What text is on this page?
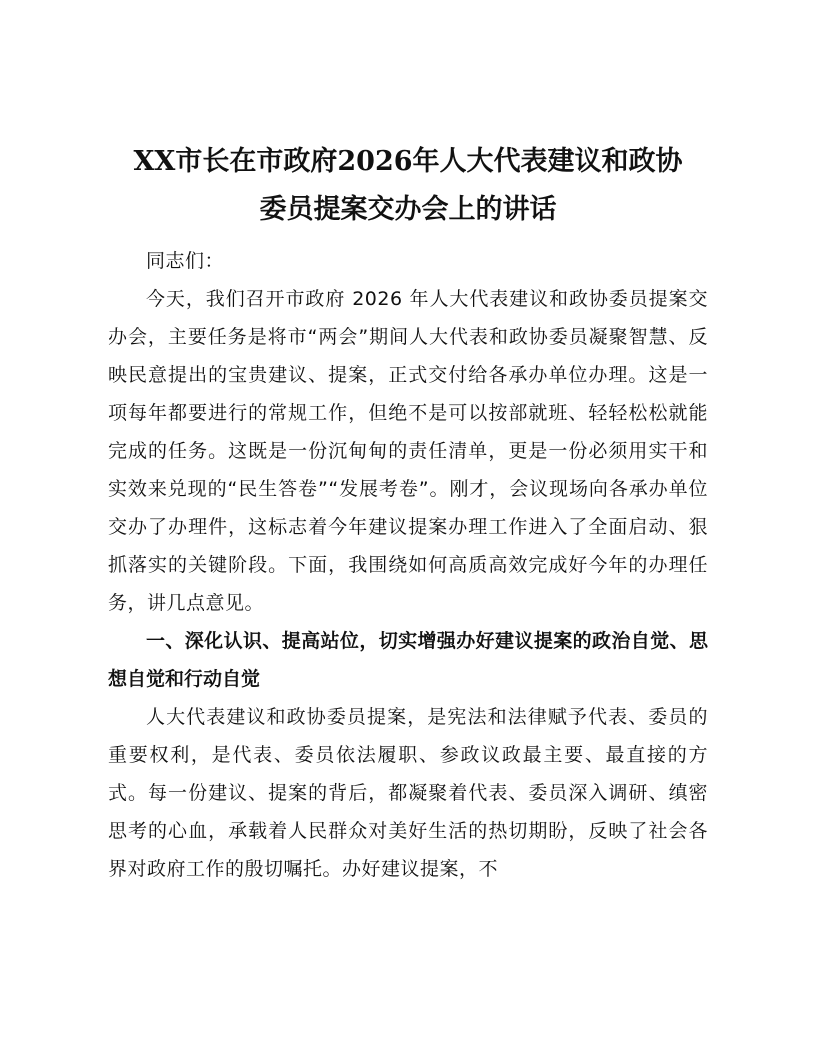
XX市长在市政府2026年人大代表建议和政协
委员提案交办会上的讲话

同志们：

今天，我们召开市政府 2026 年人大代表建议和政协委员提案交办会，主要任务是将市“两会”期间人大代表和政协委员凝聚智慧、反映民意提出的宝贵建议、提案，正式交付给各承办单位办理。这是一项每年都要进行的常规工作，但绝不是可以按部就班、轻轻松松就能完成的任务。这既是一份沉甸甸的责任清单，更是一份必须用实干和实效来兑现的“民生答卷”“发展考卷”。刚才，会议现场向各承办单位交办了办理件，这标志着今年建议提案办理工作进入了全面启动、狠抓落实的关键阶段。下面，我围绕如何高质高效完成好今年的办理任务，讲几点意见。

一、深化认识、提高站位，切实增强办好建议提案的政治自觉、思想自觉和行动自觉

人大代表建议和政协委员提案，是宪法和法律赋予代表、委员的重要权利，是代表、委员依法履职、参政议政最主要、最直接的方式。每一份建议、提案的背后，都凝聚着代表、委员深入调研、缜密思考的心血，承载着人民群众对美好生活的热切期盼，反映了社会各界对政府工作的殷切嘱托。办好建议提案，不
